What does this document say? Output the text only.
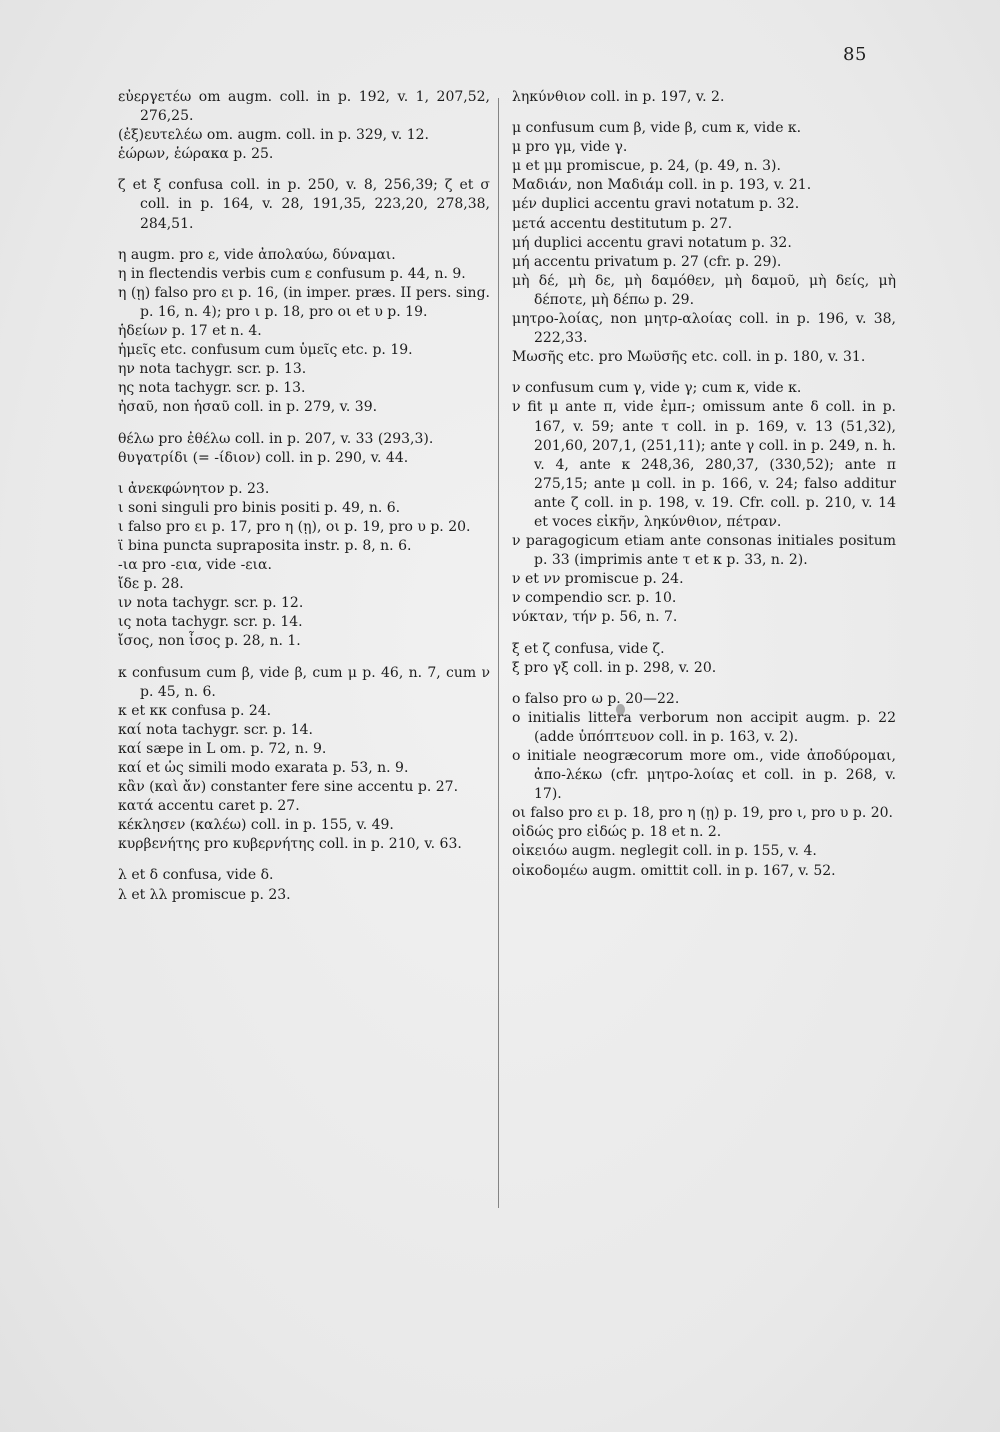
85
εὐεργετέω om augm. coll. in p. 192, v. 1, 207,52, 276,25.
(ἐξ)ευτελέω om. augm. coll. in p. 329, v. 12.
ἑώρων, ἑώρακα p. 25.
ζ et ξ confusa coll. in p. 250, v. 8, 256,39; ζ et σ coll. in p. 164, v. 28, 191,35, 223,20, 278,38, 284,51.
η augm. pro ε, vide ἀπολαύω, δύναμαι.
η in flectendis verbis cum ε confusum p. 44, n. 9.
η (ῃ) falso pro ει p. 16, (in imper. præs. II pers. sing. p. 16, n. 4); pro ι p. 18, pro οι et υ p. 19.
ἡδείων p. 17 et n. 4.
ἡμεῖς etc. confusum cum ὑμεῖς etc. p. 19.
ην nota tachygr. scr. p. 13.
ης nota tachygr. scr. p. 13.
ἠσαῦ, non ἡσαῦ coll. in p. 279, v. 39.
θέλω pro ἐθέλω coll. in p. 207, v. 33 (293,3).
θυγατρίδι (= -ίδιον) coll. in p. 290, v. 44.
ι ἀνεκφώνητον p. 23.
ι soni singuli pro binis positi p. 49, n. 6.
ι falso pro ει p. 17, pro η (ῃ), οι p. 19, pro υ p. 20.
ϊ bina puncta supraposita instr. p. 8, n. 6.
-ια pro -εια, vide -εια.
ἴδε p. 28.
ιν nota tachygr. scr. p. 12.
ις nota tachygr. scr. p. 14.
ἴσος, non ἶσος p. 28, n. 1.
κ confusum cum β, vide β, cum μ p. 46, n. 7, cum ν p. 45, n. 6.
κ et κκ confusa p. 24.
καί nota tachygr. scr. p. 14.
καί sæpe in L om. p. 72, n. 9.
καί et ὡς simili modo exarata p. 53, n. 9.
κἂν (καὶ ἄν) constanter fere sine accentu p. 27.
κατά accentu caret p. 27.
κέκλησεν (καλέω) coll. in p. 155, v. 49.
κυρβενήτης pro κυβερνήτης coll. in p. 210, v. 63.
λ et δ confusa, vide δ.
λ et λλ promiscue p. 23.
ληκύνθιον coll. in p. 197, v. 2.
μ confusum cum β, vide β, cum κ, vide κ.
μ pro γμ, vide γ.
μ et μμ promiscue, p. 24, (p. 49, n. 3).
Μαδιάν, non Μαδιάμ coll. in p. 193, v. 21.
μέν duplici accentu gravi notatum p. 32.
μετά accentu destitutum p. 27.
μή duplici accentu gravi notatum p. 32.
μή accentu privatum p. 27 (cfr. p. 29).
μὴ δέ, μὴ δε, μὴ δαμόθεν, μὴ δαμοῦ, μὴ δείς, μὴ δέποτε, μὴ δέπω p. 29.
μητρο-λοίας, non μητρ-αλοίας coll. in p. 196, v. 38, 222,33.
Μωσῆς etc. pro Μωϋσῆς etc. coll. in p. 180, v. 31.
ν confusum cum γ, vide γ; cum κ, vide κ.
ν fit μ ante π, vide ἐμπ-; omissum ante δ coll. in p. 167, v. 59; ante τ coll. in p. 169, v. 13 (51,32), 201,60, 207,1, (251,11); ante γ coll. in p. 249, n. h. v. 4, ante κ 248,36, 280,37, (330,52); ante π 275,15; ante μ coll. in p. 166, v. 24; falso additur ante ζ coll. in p. 198, v. 19. Cfr. coll. p. 210, v. 14 et voces εἰκῆν, ληκύνθιον, πέτραν.
ν paragogicum etiam ante consonas initiales positum p. 33 (imprimis ante τ et κ p. 33, n. 2).
ν et νν promiscue p. 24.
ν compendio scr. p. 10.
νύκταν, τήν p. 56, n. 7.
ξ et ζ confusa, vide ζ.
ξ pro γξ coll. in p. 298, v. 20.
ο falso pro ω p. 20—22.
ο initialis littera verborum non accipit augm. p. 22 (adde ὑπόπτευον coll. in p. 163, v. 2).
ο initiale neogræcorum more om., vide ἀποδύρομαι, ἀπο-λέκω (cfr. μητρο-λοίας et coll. in p. 268, v. 17).
οι falso pro ει p. 18, pro η (ῃ) p. 19, pro ι, pro υ p. 20.
οἰδώς pro εἰδώς p. 18 et n. 2.
οἰκειόω augm. neglegit coll. in p. 155, v. 4.
οἰκοδομέω augm. omittit coll. in p. 167, v. 52.
